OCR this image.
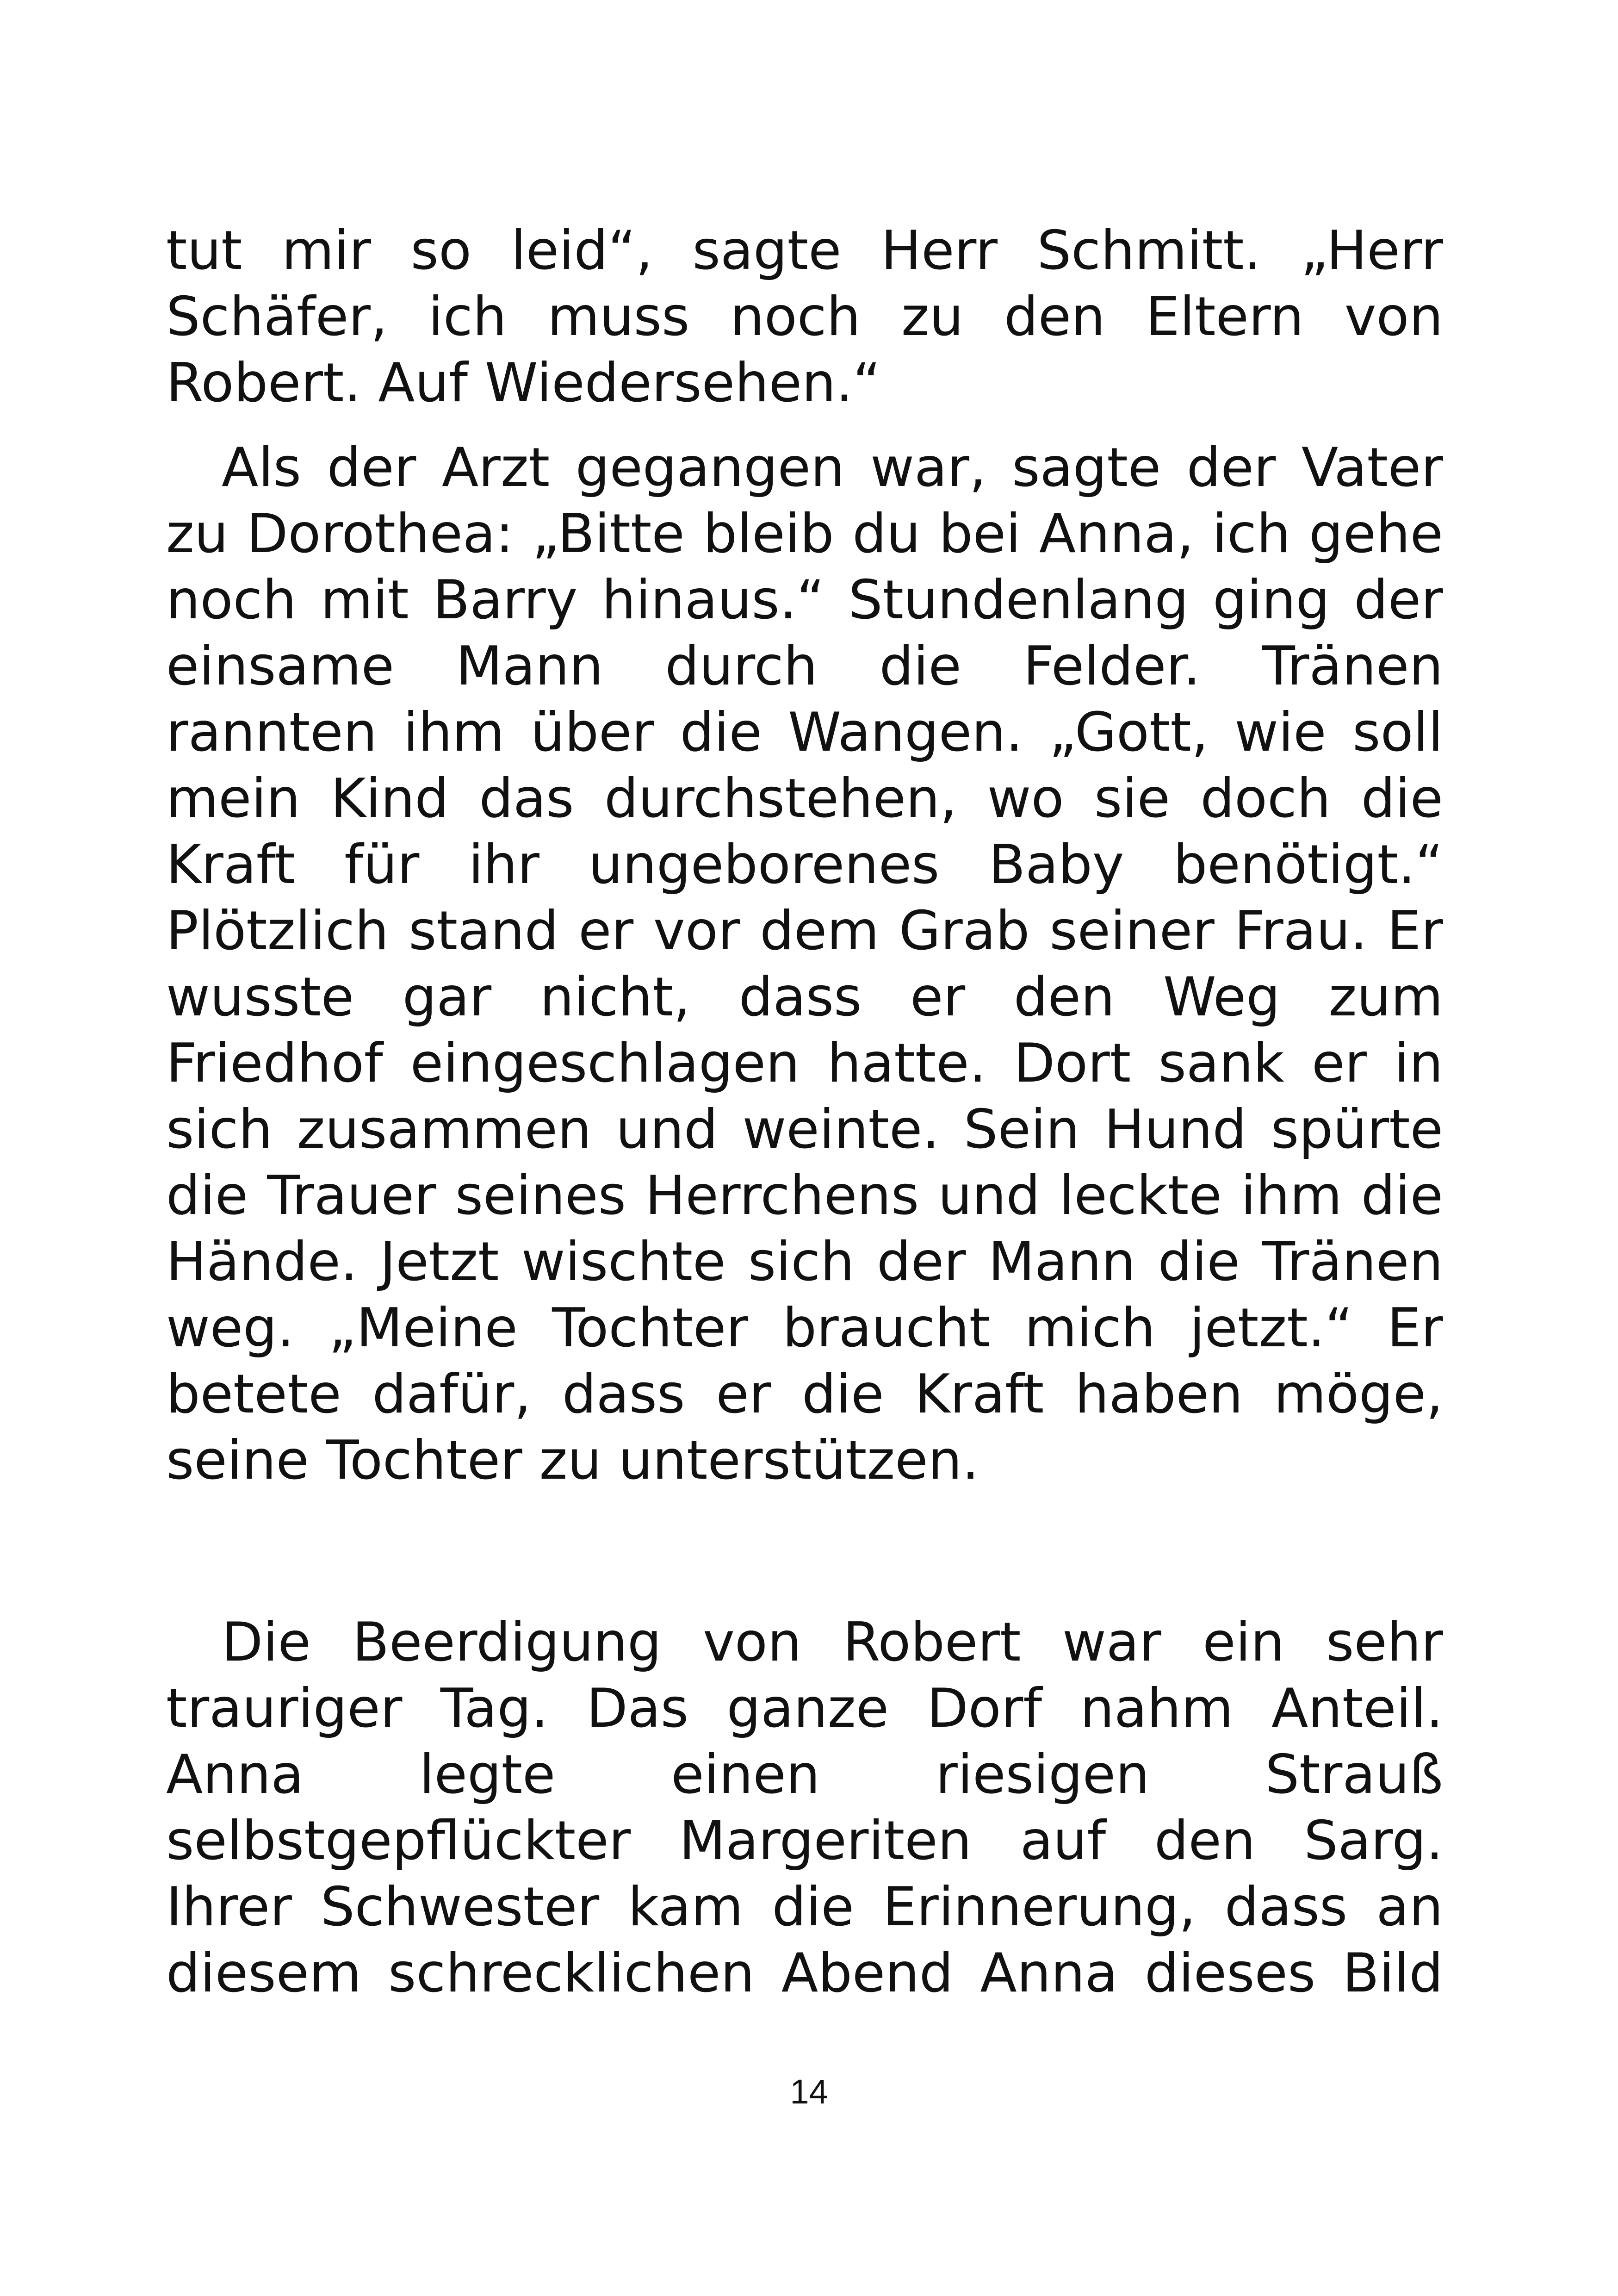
tut mir so leid“, sagte Herr Schmitt. „Herr
Schäfer, ich muss noch zu den Eltern von
Robert. Auf Wiedersehen.“
Als der Arzt gegangen war, sagte der Vater
zu Dorothea: „Bitte bleib du bei Anna, ich gehe
noch mit Barry hinaus.“ Stundenlang ging der
einsame Mann durch die Felder. Tränen
rannten ihm über die Wangen. „Gott, wie soll
mein Kind das durchstehen, wo sie doch die
Kraft für ihr ungeborenes Baby benötigt.“
Plötzlich stand er vor dem Grab seiner Frau. Er
wusste gar nicht, dass er den Weg zum
Friedhof eingeschlagen hatte. Dort sank er in
sich zusammen und weinte. Sein Hund spürte
die Trauer seines Herrchens und leckte ihm die
Hände. Jetzt wischte sich der Mann die Tränen
weg. „Meine Tochter braucht mich jetzt.“ Er
betete dafür, dass er die Kraft haben möge,
seine Tochter zu unterstützen.
Die Beerdigung von Robert war ein sehr
trauriger Tag. Das ganze Dorf nahm Anteil.
Anna legte einen riesigen Strauß
selbstgepflückter Margeriten auf den Sarg.
Ihrer Schwester kam die Erinnerung, dass an
diesem schrecklichen Abend Anna dieses Bild
14
